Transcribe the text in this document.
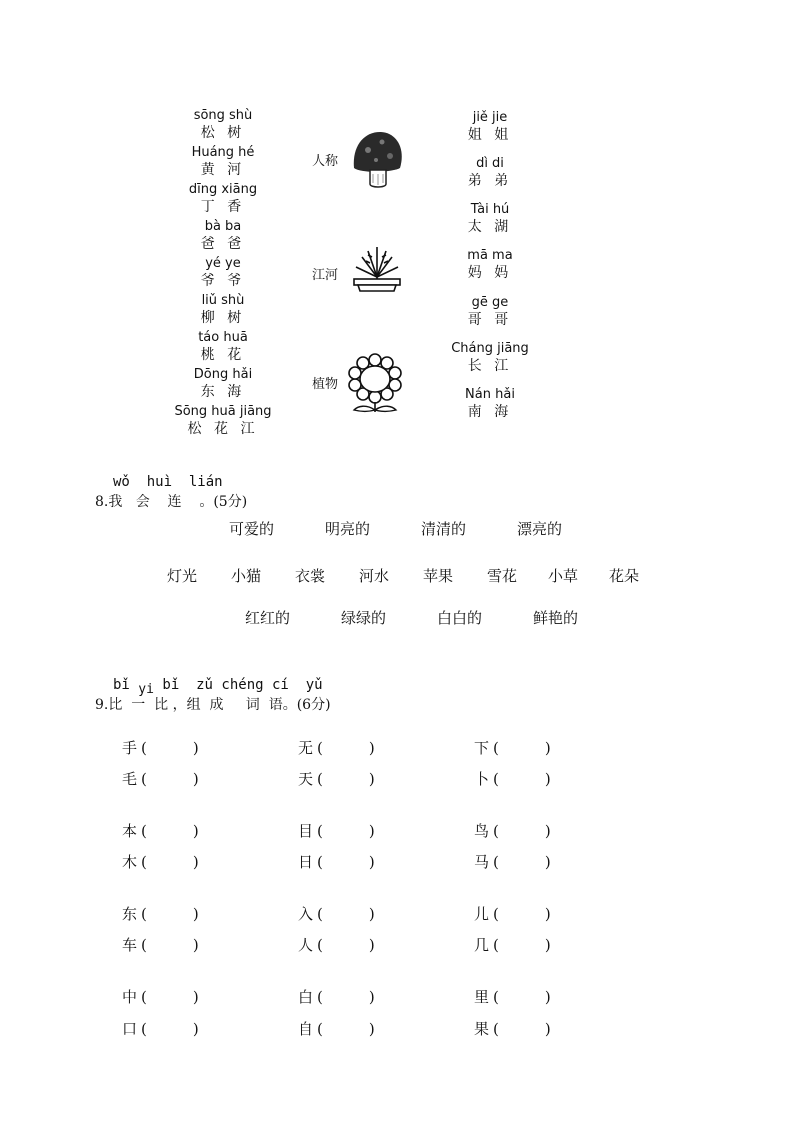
sōng shù
松 树
Huáng hé
黄 河
dīng xiāng
丁 香
bà ba
爸 爸
yé ye
爷 爷
liǔ shù
柳 树
táo huā
桃 花
Dōng hǎi
东 海
Sōng huā jiāng
松 花 江
人称
江河
植物
jiě jie
姐 姐
dì di
弟 弟
Tài hú
太 湖
mā ma
妈 妈
gē ge
哥 哥
Cháng jiāng
长 江
Nán hǎi
南 海
wǒ huì lián
8.我 会 连 。(5分)
可爱的	明亮的	清清的	漂亮的
灯光 小猫 衣裳 河水 苹果 雪花 小草 花朵
红红的	绿绿的	白白的	鲜艳的
bǐ yi bǐ zǔ chéng cí yǔ
9.比 一 比 ，组 成 词 语。(6分)
手 (	)	无 (	)	下 (	)
毛 (	)	天 (	)	卜 (	)
本 (	)	目 (	)	鸟 (	)
木 (	)	日 (	)	马 (	)
东 (	)	入 (	)	儿 (	)
车 (	)	人 (	)	几 (	)
中 (	)	白 (	)	里 (	)
口 (	)	自 (	)	果 (	)
